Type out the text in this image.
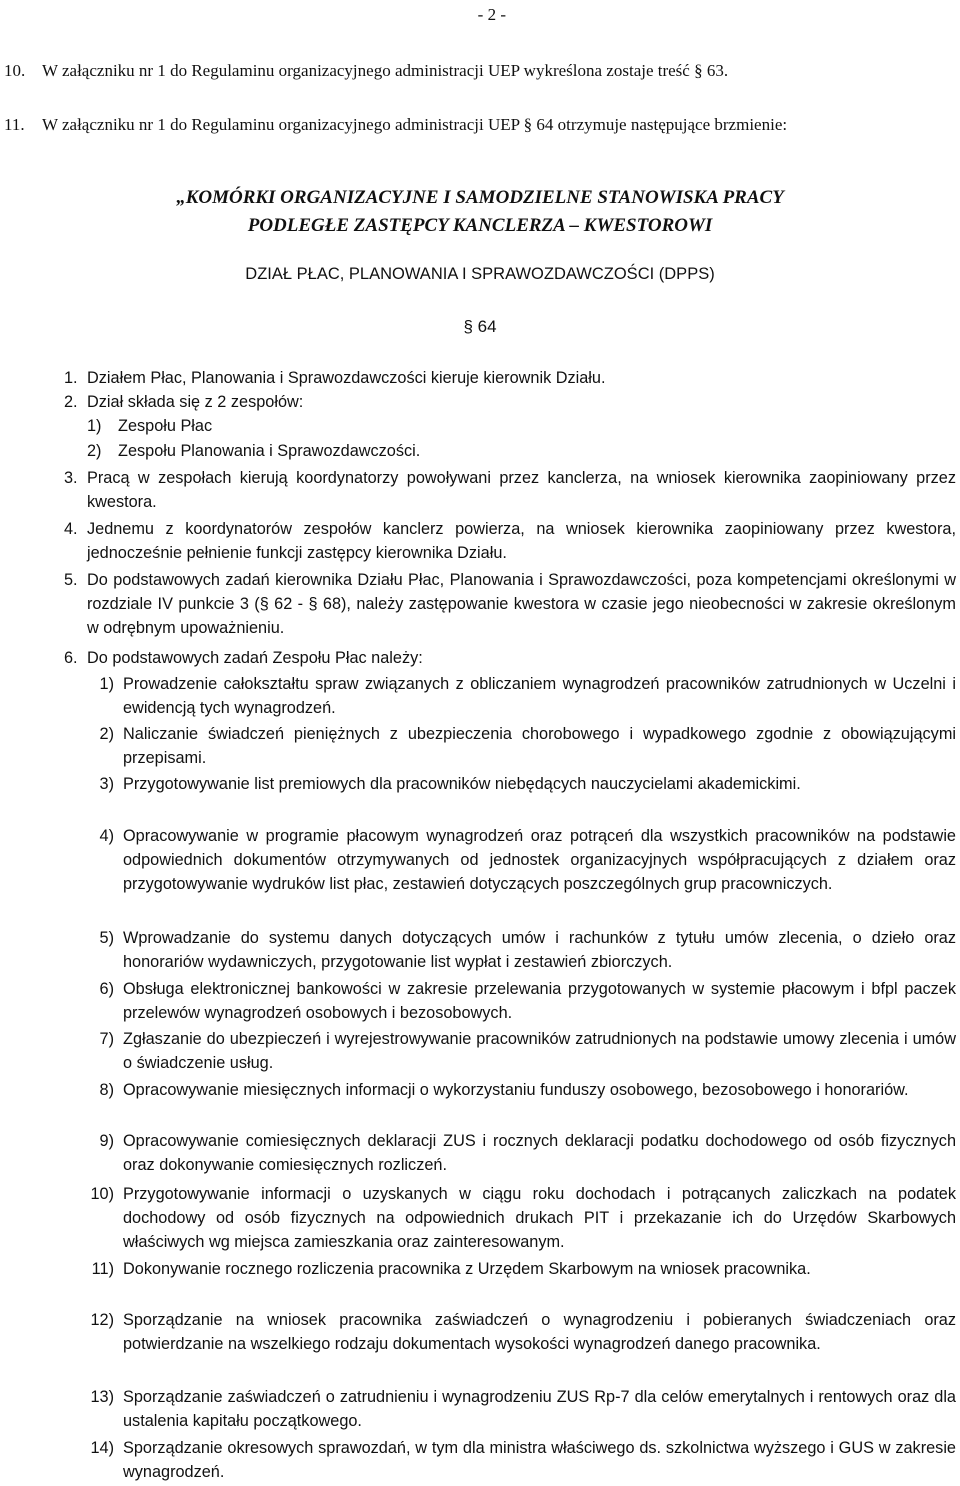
- 2 -
10. W załączniku nr 1 do Regulaminu organizacyjnego administracji UEP wykreślona zostaje treść § 63.
11. W załączniku nr 1 do Regulaminu organizacyjnego administracji UEP § 64 otrzymuje następujące brzmienie:
„KOMÓRKI ORGANIZACYJNE I SAMODZIELNE STANOWISKA PRACY
PODLEGŁE ZASTĘPCY KANCLERZA – KWESTOROWI
DZIAŁ PŁAC, PLANOWANIA I SPRAWOZDAWCZOŚCI (DPPS)
§ 64
1. Działem Płac, Planowania i Sprawozdawczości kieruje kierownik Działu.
2. Dział składa się z 2 zespołów:
1) Zespołu Płac
2) Zespołu Planowania i Sprawozdawczości.
3. Pracą w zespołach kierują koordynatorzy powoływani przez kanclerza, na wniosek kierownika zaopiniowany przez kwestora.
4. Jednemu z koordynatorów zespołów kanclerz powierza, na wniosek kierownika zaopiniowany przez kwestora, jednocześnie pełnienie funkcji zastępcy kierownika Działu.
5. Do podstawowych zadań kierownika Działu Płac, Planowania i Sprawozdawczości, poza kompetencjami określonymi w rozdziale IV punkcie 3 (§ 62 - § 68), należy zastępowanie kwestora w czasie jego nieobecności w zakresie określonym w odrębnym upoważnieniu.
6. Do podstawowych zadań Zespołu Płac należy:
1) Prowadzenie całokształtu spraw związanych z obliczaniem wynagrodzeń pracowników zatrudnionych w Uczelni i ewidencją tych wynagrodzeń.
2) Naliczanie świadczeń pieniężnych z ubezpieczenia chorobowego i wypadkowego zgodnie z obowiązującymi przepisami.
3) Przygotowywanie list premiowych dla pracowników niebędących nauczycielami akademickimi.
4) Opracowywanie w programie płacowym wynagrodzeń oraz potrąceń dla wszystkich pracowników na podstawie odpowiednich dokumentów otrzymywanych od jednostek organizacyjnych współpracujących z działem oraz przygotowywanie wydruków list płac, zestawień dotyczących poszczególnych grup pracowniczych.
5) Wprowadzanie do systemu danych dotyczących umów i rachunków z tytułu umów zlecenia, o dzieło oraz honorariów wydawniczych, przygotowanie list wypłat i zestawień zbiorczych.
6) Obsługa elektronicznej bankowości w zakresie przelewania przygotowanych w systemie płacowym i bfpl paczek przelewów wynagrodzeń osobowych i bezosobowych.
7) Zgłaszanie do ubezpieczeń i wyrejestrowywanie pracowników zatrudnionych na podstawie umowy zlecenia i umów o świadczenie usług.
8) Opracowywanie miesięcznych informacji o wykorzystaniu funduszy osobowego, bezosobowego i honorariów.
9) Opracowywanie comiesięcznych deklaracji ZUS i rocznych deklaracji podatku dochodowego od osób fizycznych oraz dokonywanie comiesięcznych rozliczeń.
10) Przygotowywanie informacji o uzyskanych w ciągu roku dochodach i potrącanych zaliczkach na podatek dochodowy od osób fizycznych na odpowiednich drukach PIT i przekazanie ich do Urzędów Skarbowych właściwych wg miejsca zamieszkania oraz zainteresowanym.
11) Dokonywanie rocznego rozliczenia pracownika z Urzędem Skarbowym na wniosek pracownika.
12) Sporządzanie na wniosek pracownika zaświadczeń o wynagrodzeniu i pobieranych świadczeniach oraz potwierdzanie na wszelkiego rodzaju dokumentach wysokości wynagrodzeń danego pracownika.
13) Sporządzanie zaświadczeń o zatrudnieniu i wynagrodzeniu ZUS Rp-7 dla celów emerytalnych i rentowych oraz dla ustalenia kapitału początkowego.
14) Sporządzanie okresowych sprawozdań, w tym dla ministra właściwego ds. szkolnictwa wyższego i GUS w zakresie wynagrodzeń.
